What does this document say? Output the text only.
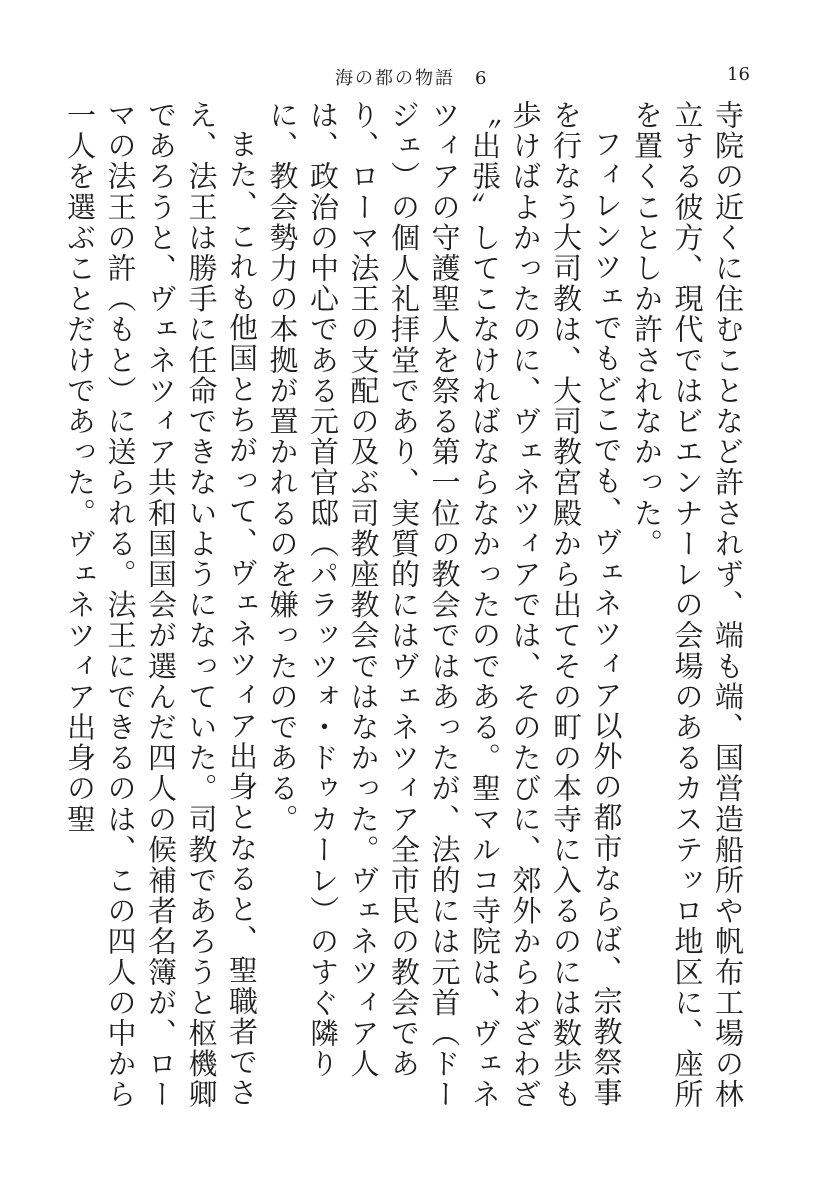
海の都の物語　6	16

寺院の近くに住むことなど許されず、端も端、国営造船所や帆布工場の林立する彼方、現代ではビエンナーレの会場のあるカステッロ地区に、座所を置くことしか許されなかった。

フィレンツェでもどこでも、ヴェネツィア以外の都市ならば、宗教祭事を行なう大司教は、大司教宮殿から出てその町の本寺に入るのには数歩も歩けばよかったのに、ヴェネツィアでは、そのたびに、郊外からわざわざ〝出張〟してこなければならなかったのである。聖マルコ寺院は、ヴェネツィアの守護聖人を祭る第一位の教会ではあったが、法的には元首（ドージェ）の個人礼拝堂であり、実質的にはヴェネツィア全市民の教会であり、ローマ法王の支配の及ぶ司教座教会ではなかった。ヴェネツィア人は、政治の中心である元首官邸（パラッツォ・ドゥカーレ）のすぐ隣りに、教会勢力の本拠が置かれるのを嫌ったのである。

また、これも他国とちがって、ヴェネツィア出身となると、聖職者でさえ、法王は勝手に任命できないようになっていた。司教であろうと枢機卿であろうと、ヴェネツィア共和国国会が選んだ四人の候補者名簿が、ローマの法王の許（もと）に送られる。法王にできるのは、この四人の中から一人を選ぶことだけであった。ヴェネツィア出身の聖
